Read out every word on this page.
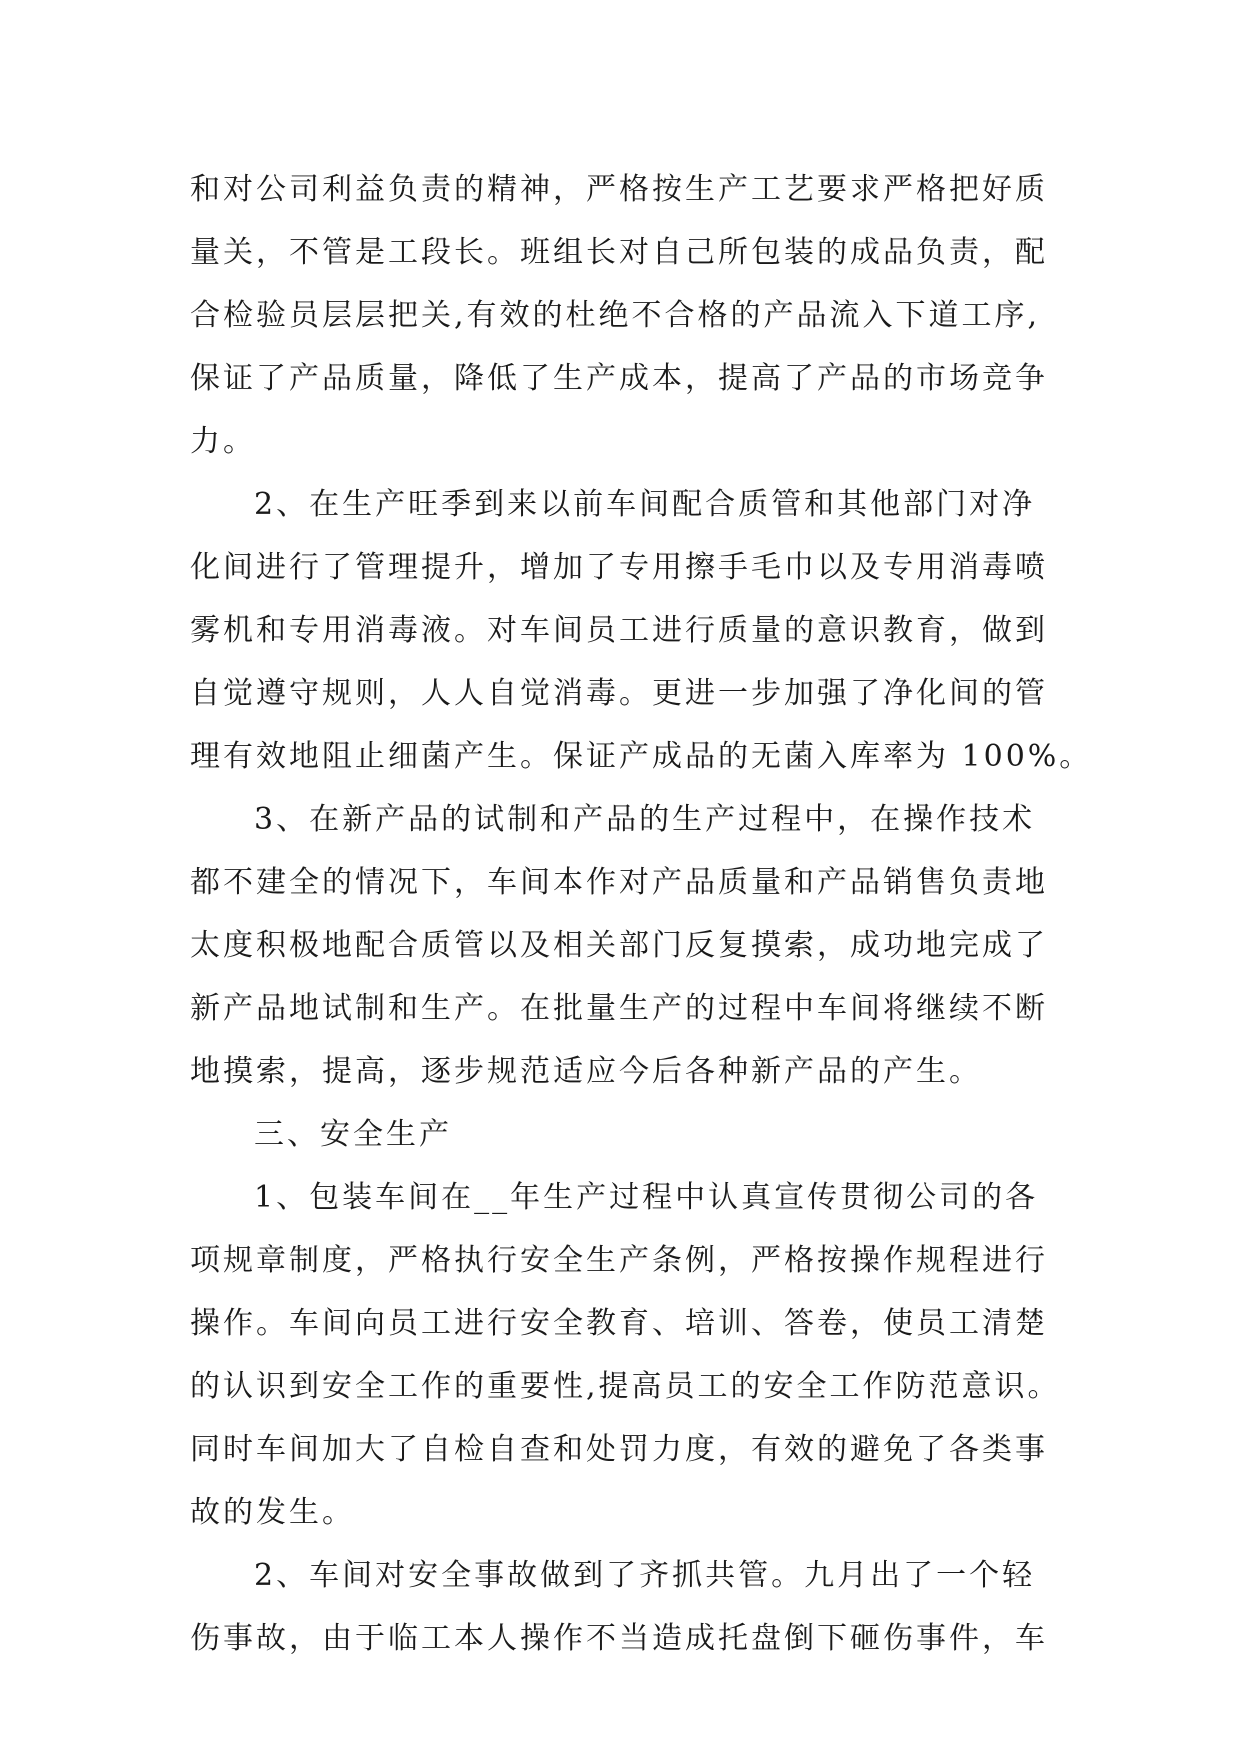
和对公司利益负责的精神，严格按生产工艺要求严格把好质
量关，不管是工段长。班组长对自己所包装的成品负责，配
合检验员层层把关,有效的杜绝不合格的产品流入下道工序,
保证了产品质量，降低了生产成本，提高了产品的市场竞争
力。
2、在生产旺季到来以前车间配合质管和其他部门对净
化间进行了管理提升，增加了专用擦手毛巾以及专用消毒喷
雾机和专用消毒液。对车间员工进行质量的意识教育，做到
自觉遵守规则，人人自觉消毒。更进一步加强了净化间的管
理有效地阻止细菌产生。保证产成品的无菌入库率为 100%。
3、在新产品的试制和产品的生产过程中，在操作技术
都不建全的情况下，车间本作对产品质量和产品销售负责地
太度积极地配合质管以及相关部门反复摸索，成功地完成了
新产品地试制和生产。在批量生产的过程中车间将继续不断
地摸索，提高，逐步规范适应今后各种新产品的产生。
三、安全生产
1、包装车间在__年生产过程中认真宣传贯彻公司的各
项规章制度，严格执行安全生产条例，严格按操作规程进行
操作。车间向员工进行安全教育、培训、答卷，使员工清楚
的认识到安全工作的重要性,提高员工的安全工作防范意识。
同时车间加大了自检自查和处罚力度，有效的避免了各类事
故的发生。
2、车间对安全事故做到了齐抓共管。九月出了一个轻
伤事故，由于临工本人操作不当造成托盘倒下砸伤事件，车
